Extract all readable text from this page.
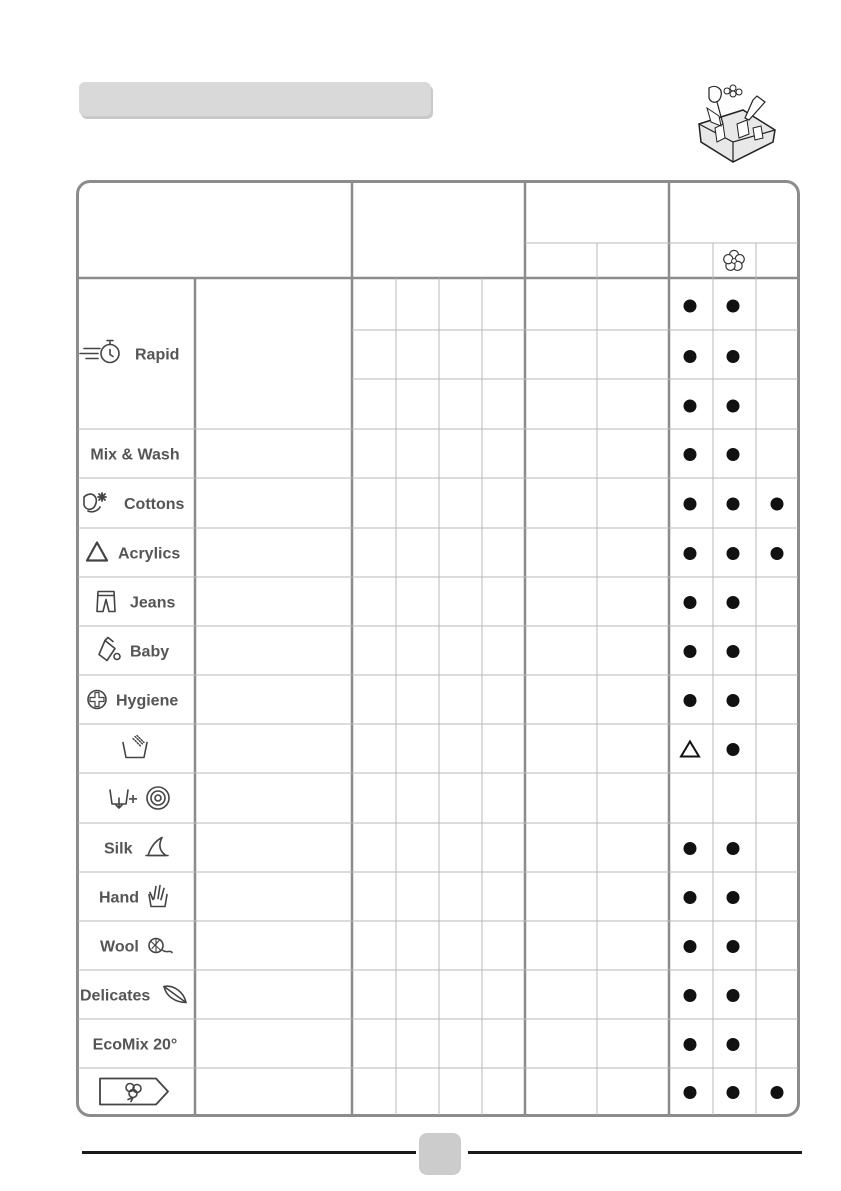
Rapid
Mix & Wash
Cottons
Acrylics
Jeans
Baby
Hygiene
+
Silk
Hand
Wool
Delicates
EcoMix 20°
